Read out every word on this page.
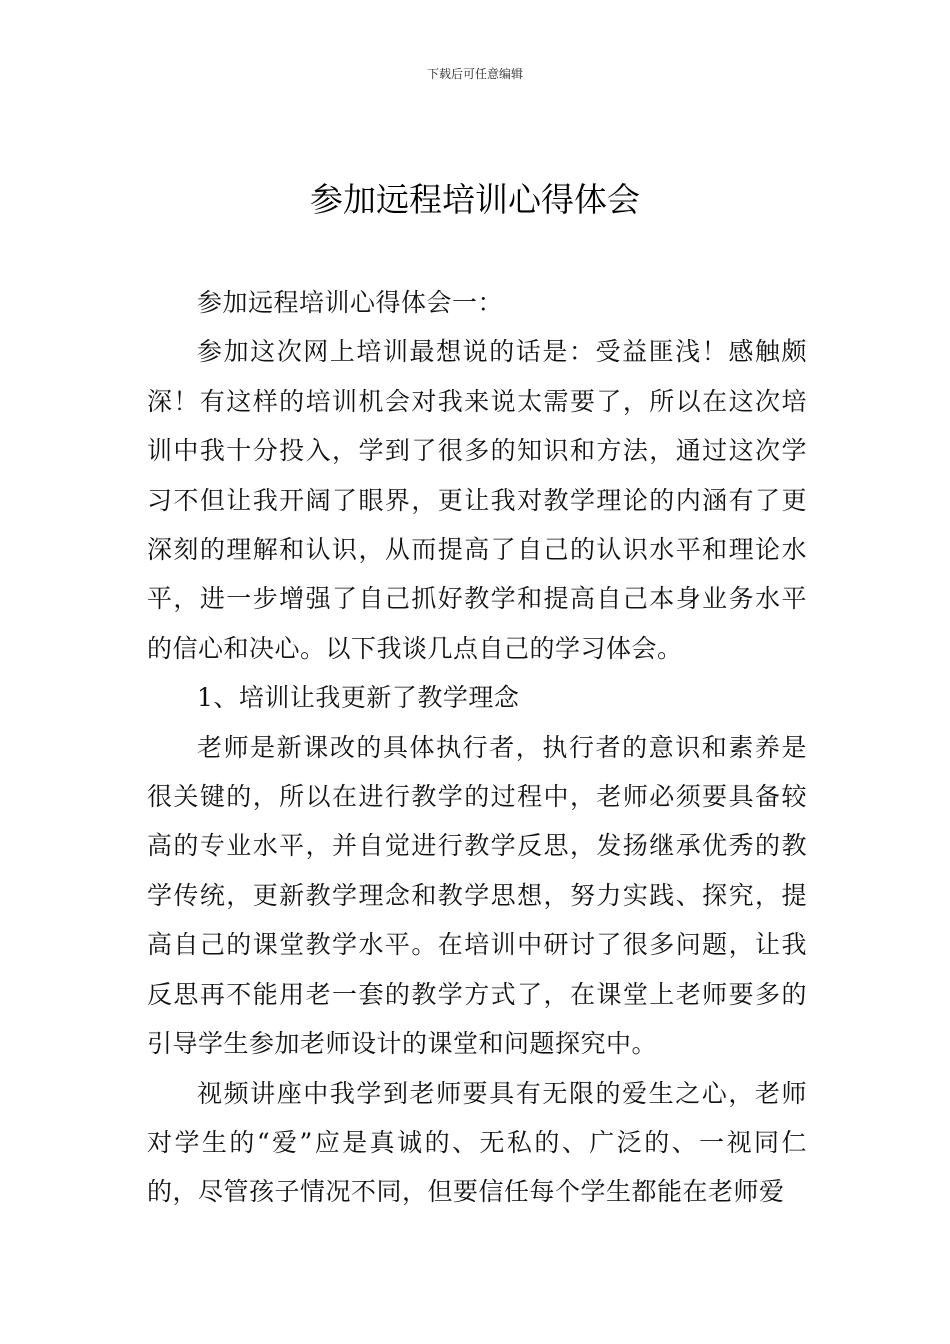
下载后可任意编辑
参加远程培训心得体会

参加远程培训心得体会一：

参加这次网上培训最想说的话是：受益匪浅！感触颇深！有这样的培训机会对我来说太需要了，所以在这次培训中我十分投入，学到了很多的知识和方法，通过这次学习不但让我开阔了眼界，更让我对教学理论的内涵有了更深刻的理解和认识，从而提高了自己的认识水平和理论水平，进一步增强了自己抓好教学和提高自己本身业务水平的信心和决心。以下我谈几点自己的学习体会。

1、培训让我更新了教学理念

老师是新课改的具体执行者，执行者的意识和素养是很关键的，所以在进行教学的过程中，老师必须要具备较高的专业水平，并自觉进行教学反思，发扬继承优秀的教学传统，更新教学理念和教学思想，努力实践、探究，提高自己的课堂教学水平。在培训中研讨了很多问题，让我反思再不能用老一套的教学方式了，在课堂上老师要多的引导学生参加老师设计的课堂和问题探究中。

视频讲座中我学到老师要具有无限的爱生之心，老师对学生的“爱”应是真诚的、无私的、广泛的、一视同仁的，尽管孩子情况不同，但要信任每个学生都能在老师爱
